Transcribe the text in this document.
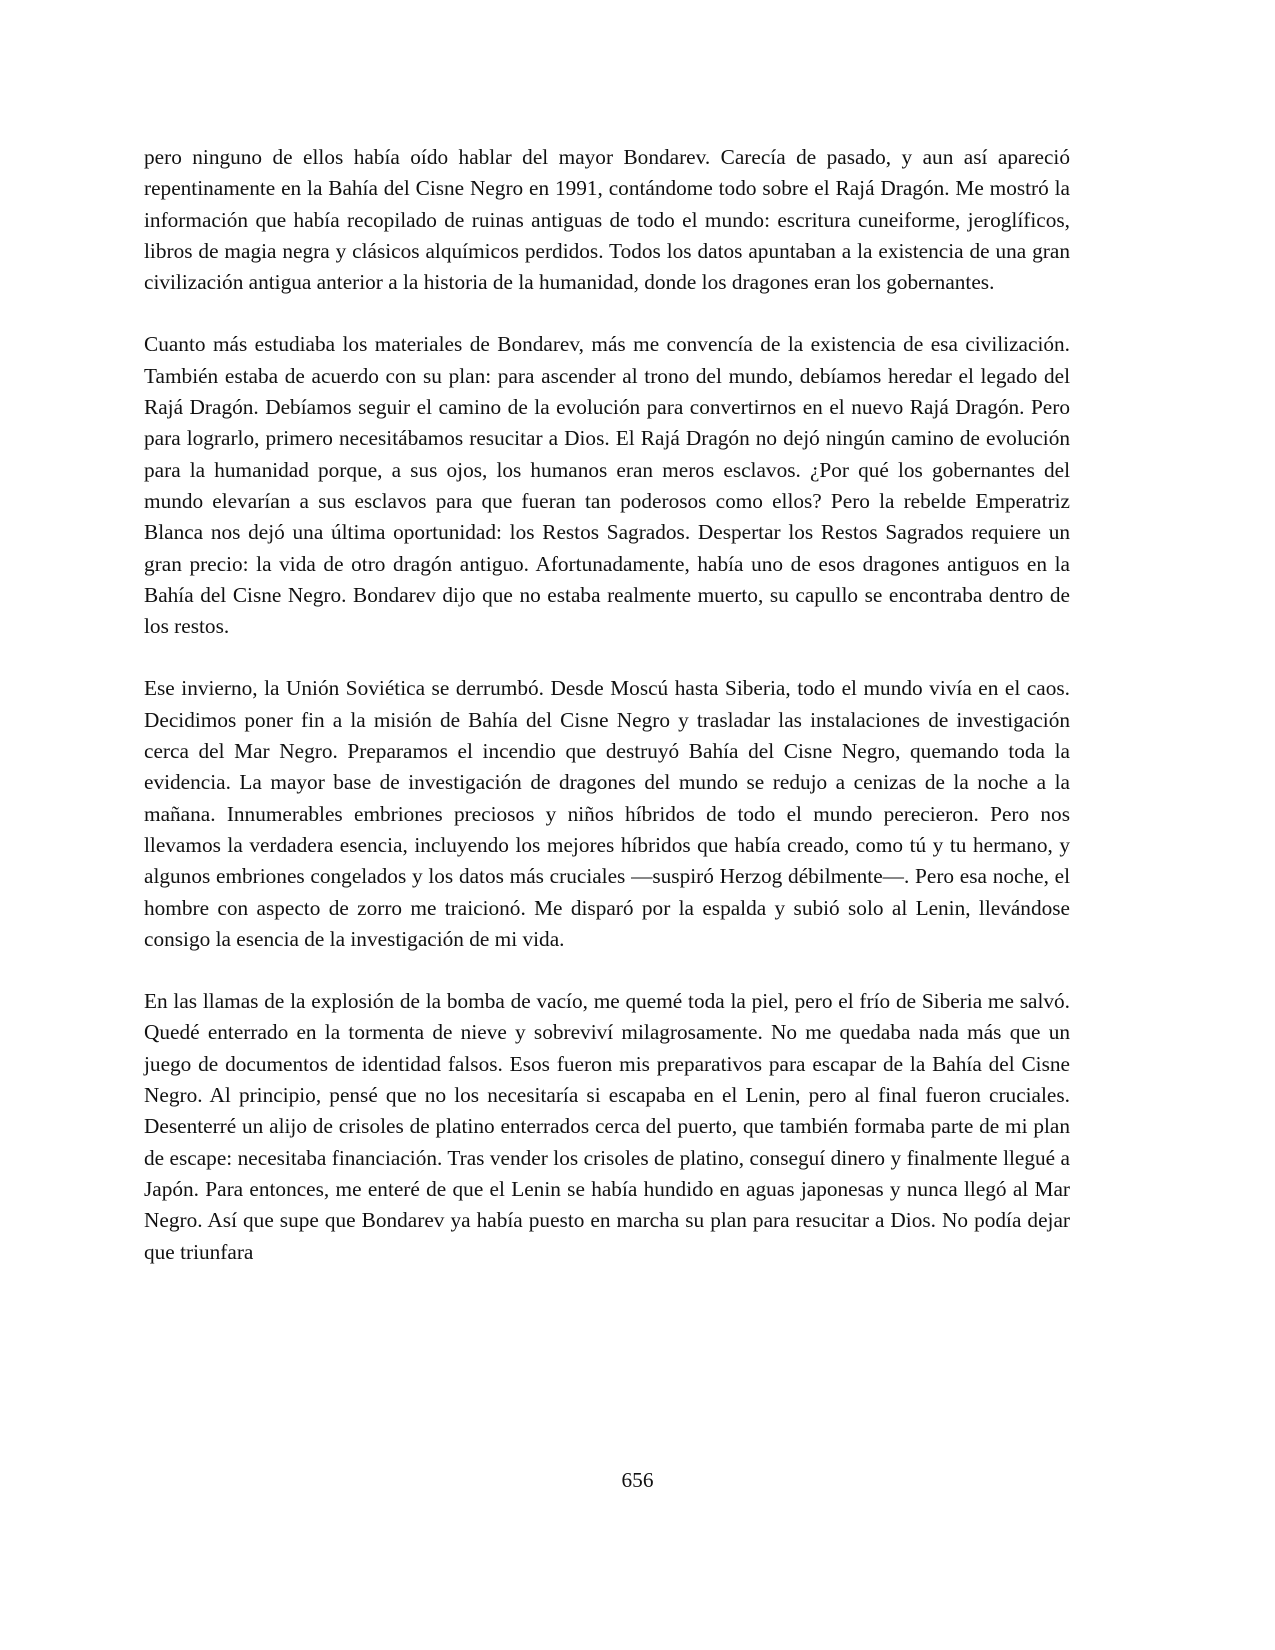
pero ninguno de ellos había oído hablar del mayor Bondarev. Carecía de pasado, y aun así apareció repentinamente en la Bahía del Cisne Negro en 1991, contándome todo sobre el Rajá Dragón. Me mostró la información que había recopilado de ruinas antiguas de todo el mundo: escritura cuneiforme, jeroglíficos, libros de magia negra y clásicos alquímicos perdidos. Todos los datos apuntaban a la existencia de una gran civilización antigua anterior a la historia de la humanidad, donde los dragones eran los gobernantes.

Cuanto más estudiaba los materiales de Bondarev, más me convencía de la existencia de esa civilización. También estaba de acuerdo con su plan: para ascender al trono del mundo, debíamos heredar el legado del Rajá Dragón. Debíamos seguir el camino de la evolución para convertirnos en el nuevo Rajá Dragón. Pero para lograrlo, primero necesitábamos resucitar a Dios. El Rajá Dragón no dejó ningún camino de evolución para la humanidad porque, a sus ojos, los humanos eran meros esclavos. ¿Por qué los gobernantes del mundo elevarían a sus esclavos para que fueran tan poderosos como ellos? Pero la rebelde Emperatriz Blanca nos dejó una última oportunidad: los Restos Sagrados. Despertar los Restos Sagrados requiere un gran precio: la vida de otro dragón antiguo. Afortunadamente, había uno de esos dragones antiguos en la Bahía del Cisne Negro. Bondarev dijo que no estaba realmente muerto, su capullo se encontraba dentro de los restos.

Ese invierno, la Unión Soviética se derrumbó. Desde Moscú hasta Siberia, todo el mundo vivía en el caos. Decidimos poner fin a la misión de Bahía del Cisne Negro y trasladar las instalaciones de investigación cerca del Mar Negro. Preparamos el incendio que destruyó Bahía del Cisne Negro, quemando toda la evidencia. La mayor base de investigación de dragones del mundo se redujo a cenizas de la noche a la mañana. Innumerables embriones preciosos y niños híbridos de todo el mundo perecieron. Pero nos llevamos la verdadera esencia, incluyendo los mejores híbridos que había creado, como tú y tu hermano, y algunos embriones congelados y los datos más cruciales —suspiró Herzog débilmente—. Pero esa noche, el hombre con aspecto de zorro me traicionó. Me disparó por la espalda y subió solo al Lenin, llevándose consigo la esencia de la investigación de mi vida.

En las llamas de la explosión de la bomba de vacío, me quemé toda la piel, pero el frío de Siberia me salvó. Quedé enterrado en la tormenta de nieve y sobreviví milagrosamente. No me quedaba nada más que un juego de documentos de identidad falsos. Esos fueron mis preparativos para escapar de la Bahía del Cisne Negro. Al principio, pensé que no los necesitaría si escapaba en el Lenin, pero al final fueron cruciales. Desenterré un alijo de crisoles de platino enterrados cerca del puerto, que también formaba parte de mi plan de escape: necesitaba financiación. Tras vender los crisoles de platino, conseguí dinero y finalmente llegué a Japón. Para entonces, me enteré de que el Lenin se había hundido en aguas japonesas y nunca llegó al Mar Negro. Así que supe que Bondarev ya había puesto en marcha su plan para resucitar a Dios. No podía dejar que triunfara

656
